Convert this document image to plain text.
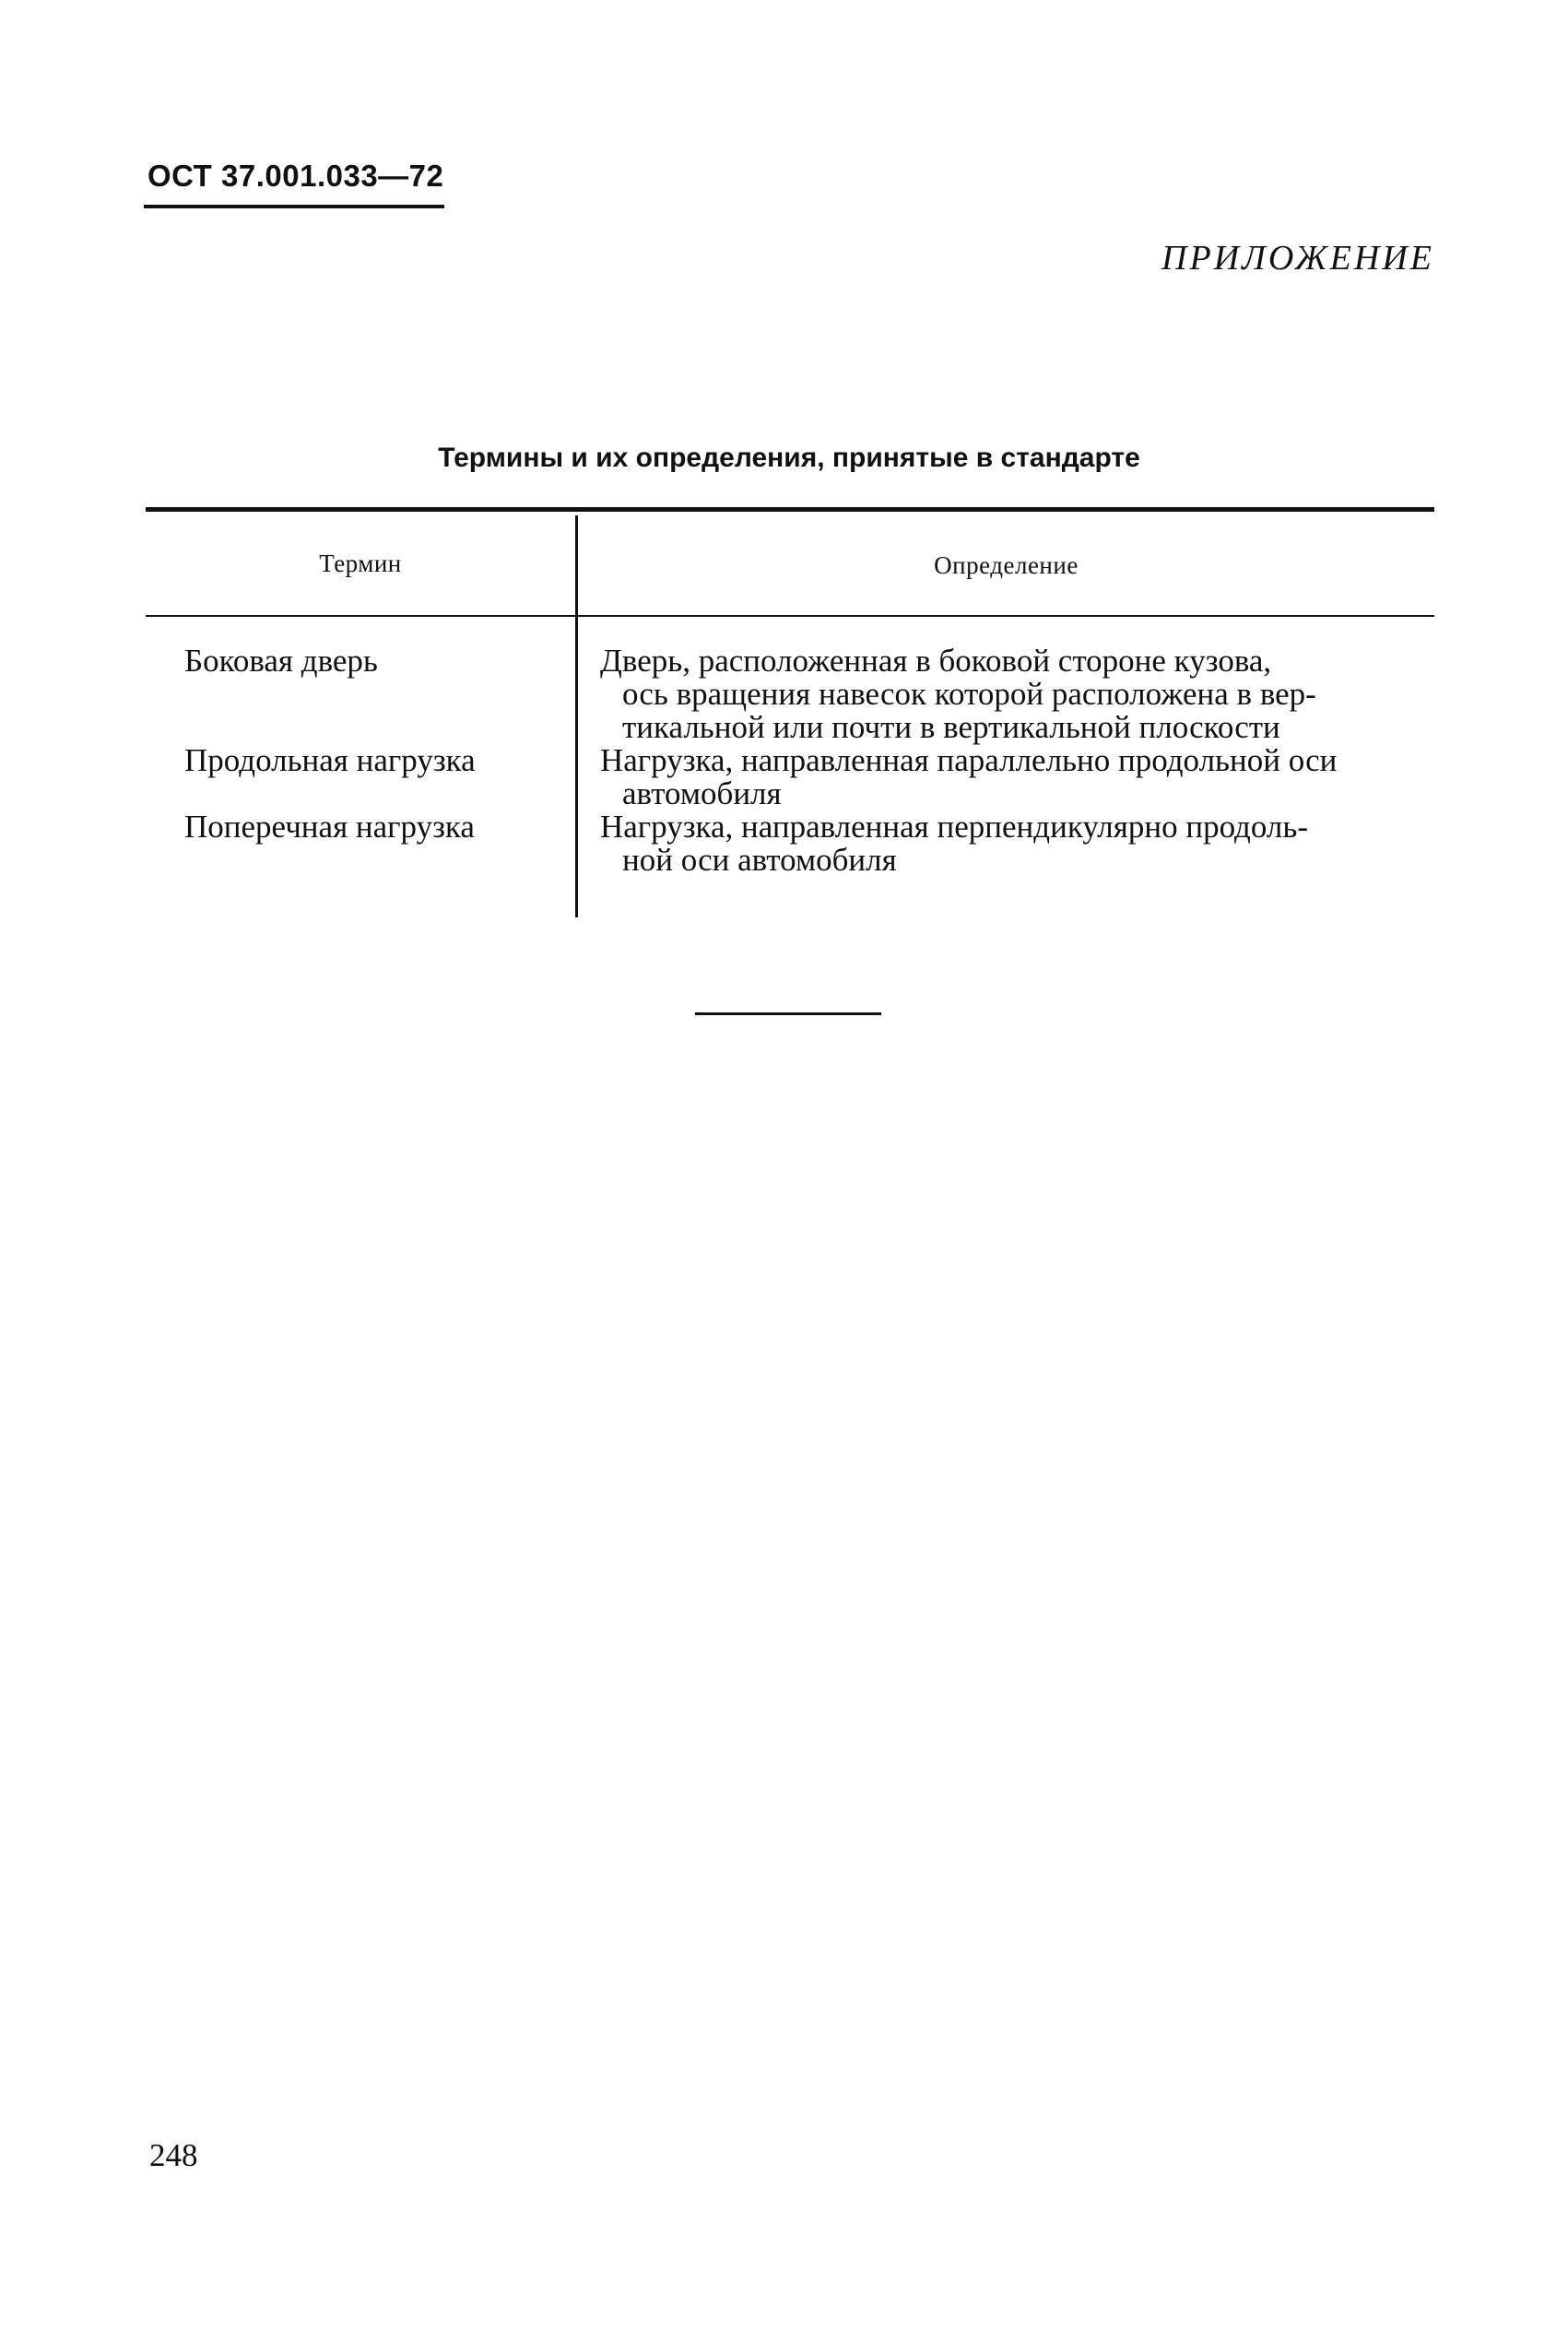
ОСТ 37.001.033—72

ПРИЛОЖЕНИЕ

Термины и их определения, принятые в стандарте
Термин	Определение
Боковая дверь	Дверь, расположенная в боковой стороне кузова,
ось вращения навесок которой расположена в вер-
тикальной или почти в вертикальной плоскости
Продольная нагрузка	Нагрузка, направленная параллельно продольной оси
автомобиля
Поперечная нагрузка	Нагрузка, направленная перпендикулярно продоль-
ной оси автомобиля

248
